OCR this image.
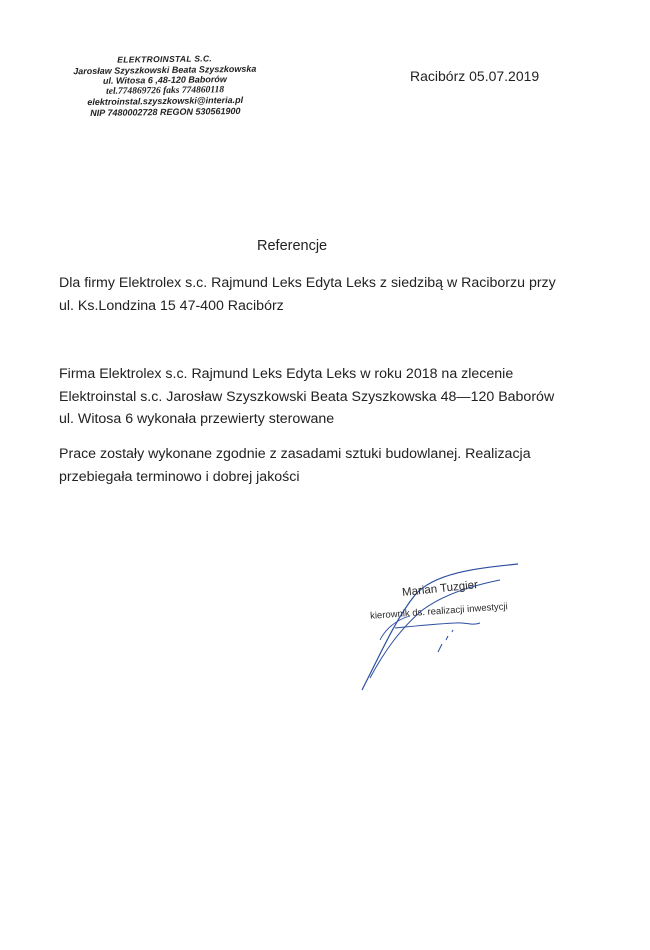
ELEKTROINSTAL S.C.
Jarosław Szyszkowski Beata Szyszkowska
ul. Witosa 6 ,48-120 Baborów
tel.774869726 faks 774860118
elektroinstal.szyszkowski@interia.pl
NIP 7480002728 REGON 530561900
Racibórz 05.07.2019
Referencje
Dla firmy Elektrolex s.c. Rajmund Leks Edyta Leks z siedzibą w Raciborzu przy
ul. Ks.Londzina 15 47-400 Racibórz
Firma Elektrolex s.c. Rajmund Leks Edyta Leks w roku 2018 na zlecenie
Elektroinstal s.c. Jarosław Szyszkowski Beata Szyszkowska 48—120 Baborów
ul. Witosa 6 wykonała przewierty sterowane
Prace zostały wykonane zgodnie z zasadami sztuki budowlanej. Realizacja
przebiegała terminowo i dobrej jakości
Marian Tuzgier
kierownik ds. realizacji inwestycji
